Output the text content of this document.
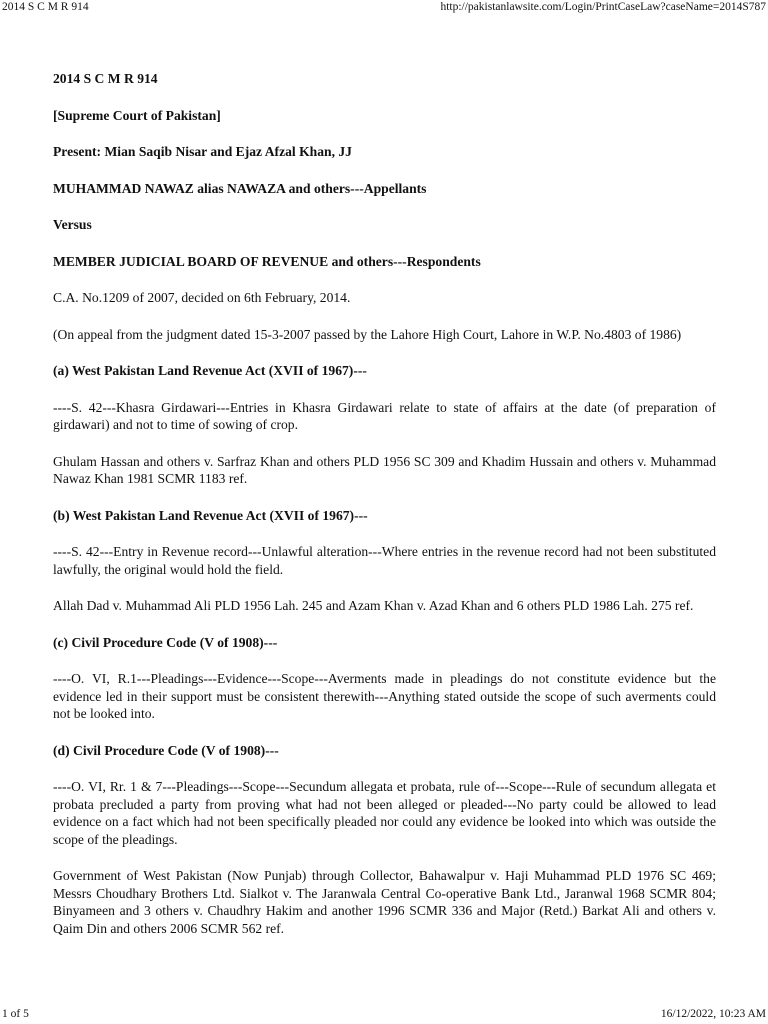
2014 S C M R 914	http://pakistanlawsite.com/Login/PrintCaseLaw?caseName=2014S787

2014 S C M R 914

[Supreme Court of Pakistan]

Present: Mian Saqib Nisar and Ejaz Afzal Khan, JJ

MUHAMMAD NAWAZ alias NAWAZA and others---Appellants

Versus

MEMBER JUDICIAL BOARD OF REVENUE and others---Respondents

C.A. No.1209 of 2007, decided on 6th February, 2014.

(On appeal from the judgment dated 15-3-2007 passed by the Lahore High Court, Lahore in W.P. No.4803 of 1986)

(a) West Pakistan Land Revenue Act (XVII of 1967)---

----S. 42---Khasra Girdawari---Entries in Khasra Girdawari relate to state of affairs at the date (of preparation of girdawari) and not to time of sowing of crop.

Ghulam Hassan and others v. Sarfraz Khan and others PLD 1956 SC 309 and Khadim Hussain and others v. Muhammad Nawaz Khan 1981 SCMR 1183 ref.

(b) West Pakistan Land Revenue Act (XVII of 1967)---

----S. 42---Entry in Revenue record---Unlawful alteration---Where entries in the revenue record had not been substituted lawfully, the original would hold the field.

Allah Dad v. Muhammad Ali PLD 1956 Lah. 245 and Azam Khan v. Azad Khan and 6 others PLD 1986 Lah. 275 ref.

(c) Civil Procedure Code (V of 1908)---

----O. VI, R.1---Pleadings---Evidence---Scope---Averments made in pleadings do not constitute evidence but the evidence led in their support must be consistent therewith---Anything stated outside the scope of such averments could not be looked into.

(d) Civil Procedure Code (V of 1908)---

----O. VI, Rr. 1 & 7---Pleadings---Scope---Secundum allegata et probata, rule of---Scope---Rule of secundum allegata et probata precluded a party from proving what had not been alleged or pleaded---No party could be allowed to lead evidence on a fact which had not been specifically pleaded nor could any evidence be looked into which was outside the scope of the pleadings.

Government of West Pakistan (Now Punjab) through Collector, Bahawalpur v. Haji Muhammad PLD 1976 SC 469; Messrs Choudhary Brothers Ltd. Sialkot v. The Jaranwala Central Co-operative Bank Ltd., Jaranwal 1968 SCMR 804; Binyameen and 3 others v. Chaudhry Hakim and another 1996 SCMR 336 and Major (Retd.) Barkat Ali and others v. Qaim Din and others 2006 SCMR 562 ref.

1 of 5	16/12/2022, 10:23 AM
